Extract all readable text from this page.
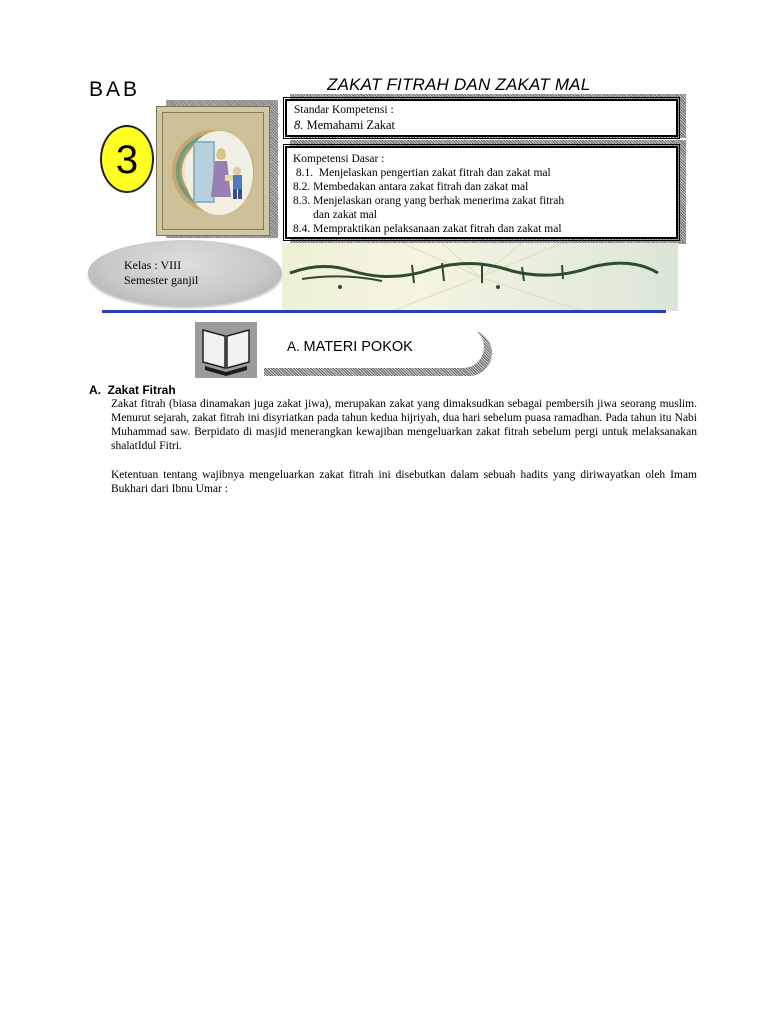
BAB	ZAKAT FITRAH DAN ZAKAT MAL
3
Standar Kompetensi :
8. Memahami Zakat
Kompetensi Dasar :
8.1.  Menjelaskan pengertian zakat fitrah dan zakat mal
8.2. Membedakan antara zakat fitrah dan zakat mal
8.3. Menjelaskan orang yang berhak menerima zakat fitrah
dan zakat mal
8.4. Mempraktikan pelaksanaan zakat fitrah dan zakat mal
Kelas : VIII
Semester ganjil
A. MATERI POKOK
A.  Zakat Fitrah
Zakat fitrah (biasa dinamakan juga zakat jiwa), merupakan zakat yang dimaksudkan sebagai pembersih jiwa seorang muslim. Menurut sejarah, zakat fitrah ini disyriatkan pada tahun kedua hijriyah, dua hari sebelum puasa ramadhan. Pada tahun itu Nabi Muhammad saw. Berpidato di masjid menerangkan kewajiban mengeluarkan zakat fitrah sebelum pergi untuk melaksanakan shalatIdul Fitri.
Ketentuan tentang wajibnya mengeluarkan zakat fitrah ini disebutkan dalam sebuah hadits yang diriwayatkan oleh Imam Bukhari dari Ibnu Umar :
